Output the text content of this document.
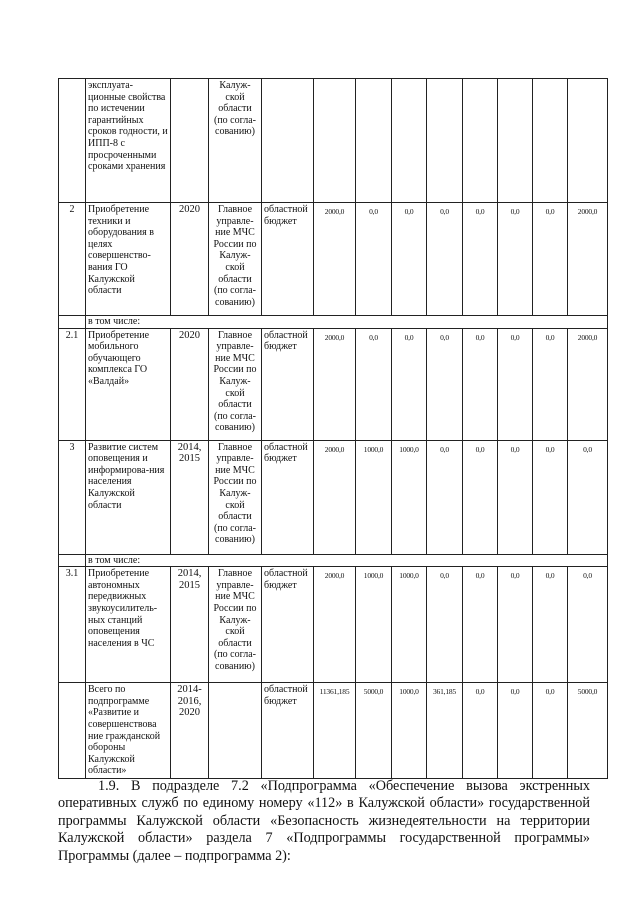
	эксплуата-ционные свойства по истечении гарантийных сроков годности, и ИПП-8 с просроченными сроками хранения		Калуж-ской области (по согла-сованию)									
2	Приобретение техники и оборудования в целях совершенство-вания ГО Калужской области	2020	Главное управле-ние МЧС России по Калуж-ской области (по согла-сованию)	областной бюджет	2000,0	0,0	0,0	0,0	0,0	0,0	0,0	2000,0
	в том числе:											
2.1	Приобретение мобильного обучающего комплекса ГО «Валдай»	2020	Главное управле-ние МЧС России по Калуж-ской области (по согла-сованию)	областной бюджет	2000,0	0,0	0,0	0,0	0,0	0,0	0,0	2000,0
3	Развитие систем оповещения и информирова-ния населения Калужской области	2014, 2015	Главное управле-ние МЧС России по Калуж-ской области (по согла-сованию)	областной бюджет	2000,0	1000,0	1000,0	0,0	0,0	0,0	0,0	0,0
	в том числе:											
3.1	Приобретение автономных передвижных звукоусилитель-ных станций оповещения населения в ЧС	2014, 2015	Главное управле-ние МЧС России по Калуж-ской области (по согла-сованию)	областной бюджет	2000,0	1000,0	1000,0	0,0	0,0	0,0	0,0	0,0
	Всего по подпрограмме «Развитие и совершенствова ние гражданской обороны Калужской области»	2014-2016, 2020		областной бюджет	11361,185	5000,0	1000,0	361,185	0,0	0,0	0,0	5000,0

1.9. В подразделе 7.2 «Подпрограмма «Обеспечение вызова экстренных оперативных служб по единому номеру «112» в Калужской области» государственной программы Калужской области «Безопасность жизнедеятельности на территории Калужской области» раздела 7 «Подпрограммы государственной программы» Программы (далее – подпрограмма 2):
